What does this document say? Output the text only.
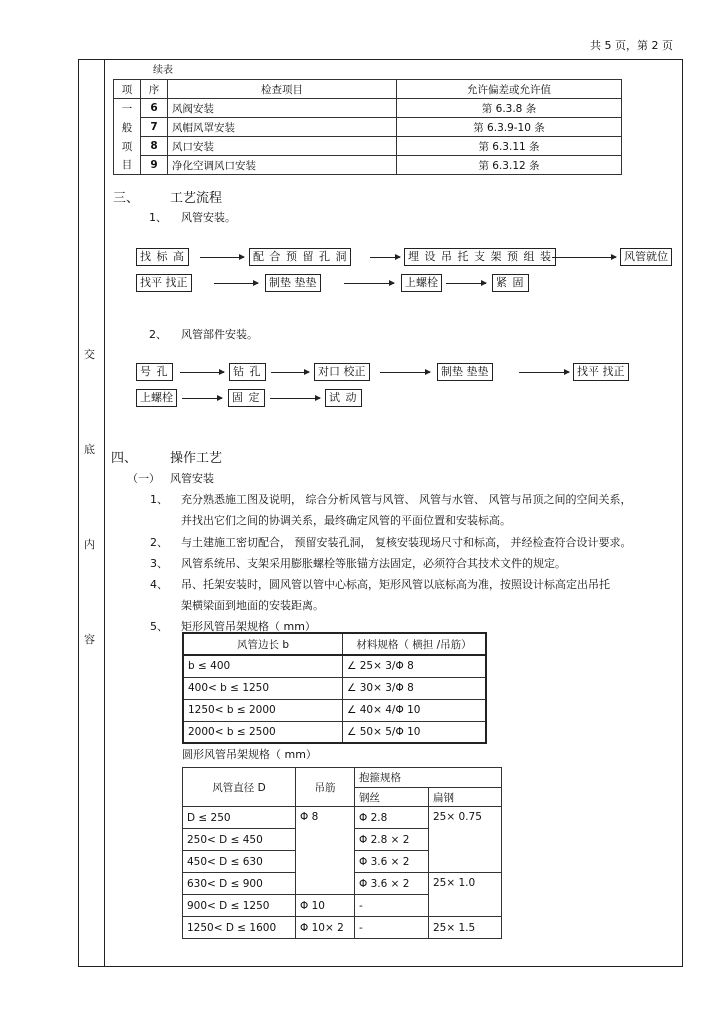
共 5 页，第 2 页
交
底
内
容
续表
项	序	检查项目	允许偏差或允许值
一	6	风阀安装	第 6.3.8 条
般	7	风帽风罩安装	第 6.3.9-10 条
项	8	风口安装	第 6.3.11 条
目	9	净化空调风口安装	第 6.3.12 条
三、 工艺流程
1、 风管安装。
找 标 高	配 合 预 留 孔 洞	埋 设 吊 托 支 架 预 组 装	风管就位
找平 找正	制垫 垫垫	上螺栓	紧 固
2、 风管部件安装。
号 孔	钻 孔	对口 校正	制垫 垫垫	找平 找正
上螺栓	固 定	试 动
四、	操作工艺
（一） 风管安装
1、 充分熟悉施工图及说明， 综合分析风管与风管、 风管与水管、 风管与吊顶之间的空间关系，
并找出它们之间的协调关系，最终确定风管的平面位置和安装标高。
2、 与土建施工密切配合， 预留安装孔洞， 复核安装现场尺寸和标高， 并经检查符合设计要求。
3、 风管系统吊、支架采用膨胀螺栓等胀锚方法固定，必须符合其技术文件的规定。
4、 吊、托架安装时，圆风管以管中心标高，矩形风管以底标高为准，按照设计标高定出吊托
架横梁面到地面的安装距离。
5、 矩形风管吊架规格（ mm）
风管边长 b	材料规格（ 横担 /吊筋）
b ≤ 400	∠ 25× 3/Φ 8
400< b ≤ 1250	∠ 30× 3/Φ 8
1250< b ≤ 2000	∠ 40× 4/Φ 10
2000< b ≤ 2500	∠ 50× 5/Φ 10
圆形风管吊架规格（ mm）
风管直径 D	吊筋	抱箍规格	
		钢丝	扁钢
D ≤ 250	Φ 8	Φ 2.8	25× 0.75
250< D ≤ 450		Φ 2.8 × 2	
450< D ≤ 630		Φ 3.6 × 2	
630< D ≤ 900		Φ 3.6 × 2	25× 1.0
900< D ≤ 1250	Φ 10	-	
1250< D ≤ 1600	Φ 10× 2	-	25× 1.5
